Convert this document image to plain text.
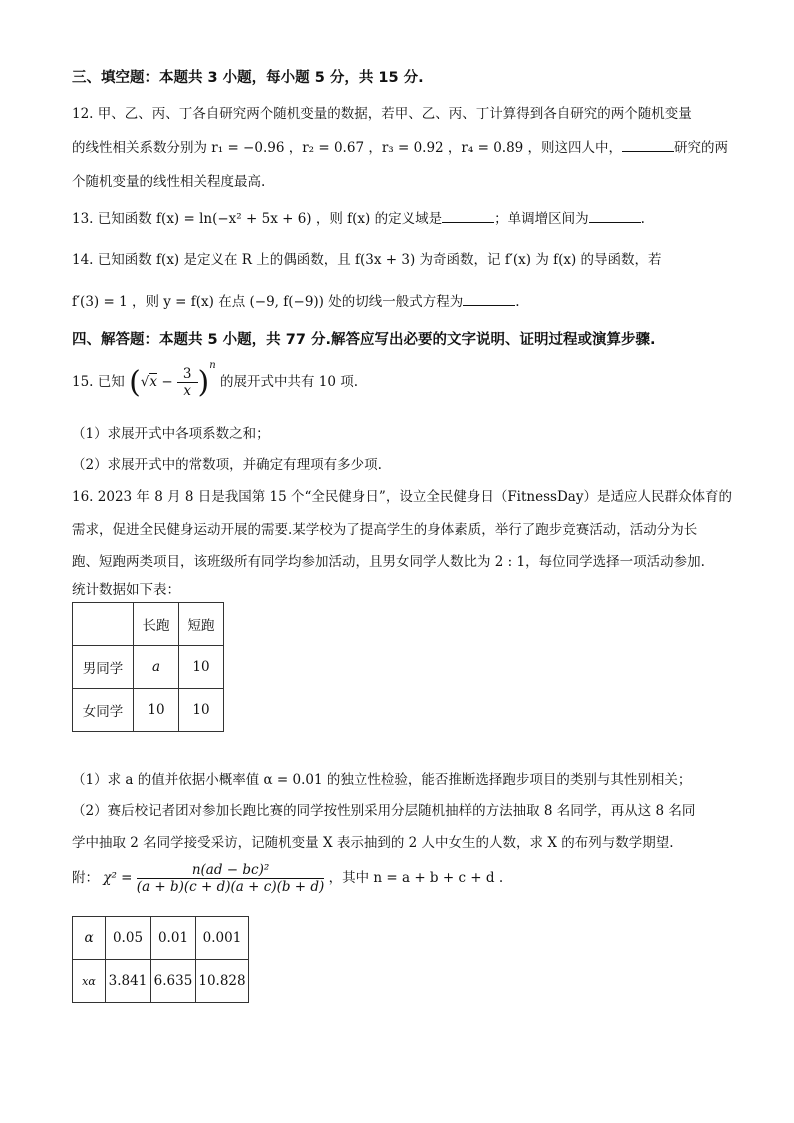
三、填空题：本题共 3 小题，每小题 5 分，共 15 分.
12. 甲、乙、丙、丁各自研究两个随机变量的数据，若甲、乙、丙、丁计算得到各自研究的两个随机变量
的线性相关系数分别为 r₁ = −0.96 ，r₂ = 0.67 ，r₃ = 0.92 ，r₄ = 0.89 ，则这四人中，	研究的两
个随机变量的线性相关程度最高.
13. 已知函数 f(x) = ln(−x² + 5x + 6) ，则 f(x) 的定义域是	；单调增区间为	.
14. 已知函数 f(x) 是定义在 R 上的偶函数，且 f(3x + 3) 为奇函数，记 f′(x) 为 f(x) 的导函数，若
f′(3) = 1 ，则 y = f(x) 在点 (−9, f(−9)) 处的切线一般式方程为	.
四、解答题：本题共 5 小题，共 77 分.解答应写出必要的文字说明、证明过程或演算步骤.
15. 已知 $(√x - \frac{3}{x} )^n$ 的展开式中共有 10 项.
（1）求展开式中各项系数之和；
（2）求展开式中的常数项，并确定有理项有多少项.
16. 2023 年 8 月 8 日是我国第 15 个“全民健身日”，设立全民健身日（FitnessDay）是适应人民群众体育的
需求，促进全民健身运动开展的需要.某学校为了提高学生的身体素质，举行了跑步竞赛活动，活动分为长
跑、短跑两类项目，该班级所有同学均参加活动，且男女同学人数比为 2 : 1，每位同学选择一项活动参加.
统计数据如下表：
	长跑	短跑
男同学	a	10
女同学	10	10
（1）求 a 的值并依据小概率值 α = 0.01 的独立性检验，能否推断选择跑步项目的类别与其性别相关；
（2）赛后校记者团对参加长跑比赛的同学按性别采用分层随机抽样的方法抽取 8 名同学，再从这 8 名同
学中抽取 2 名同学接受采访，记随机变量 X 表示抽到的 2 人中女生的人数，求 X 的布列与数学期望.
附： $\chi^2 = \frac{\text{n(ad − bc)²}}{(a + b)(c + d)(a + c)(b + d)}$ ，其中 n = a + b + c + d .
α	0.05	0.01	0.001
xα	3.841	6.635	10.828
